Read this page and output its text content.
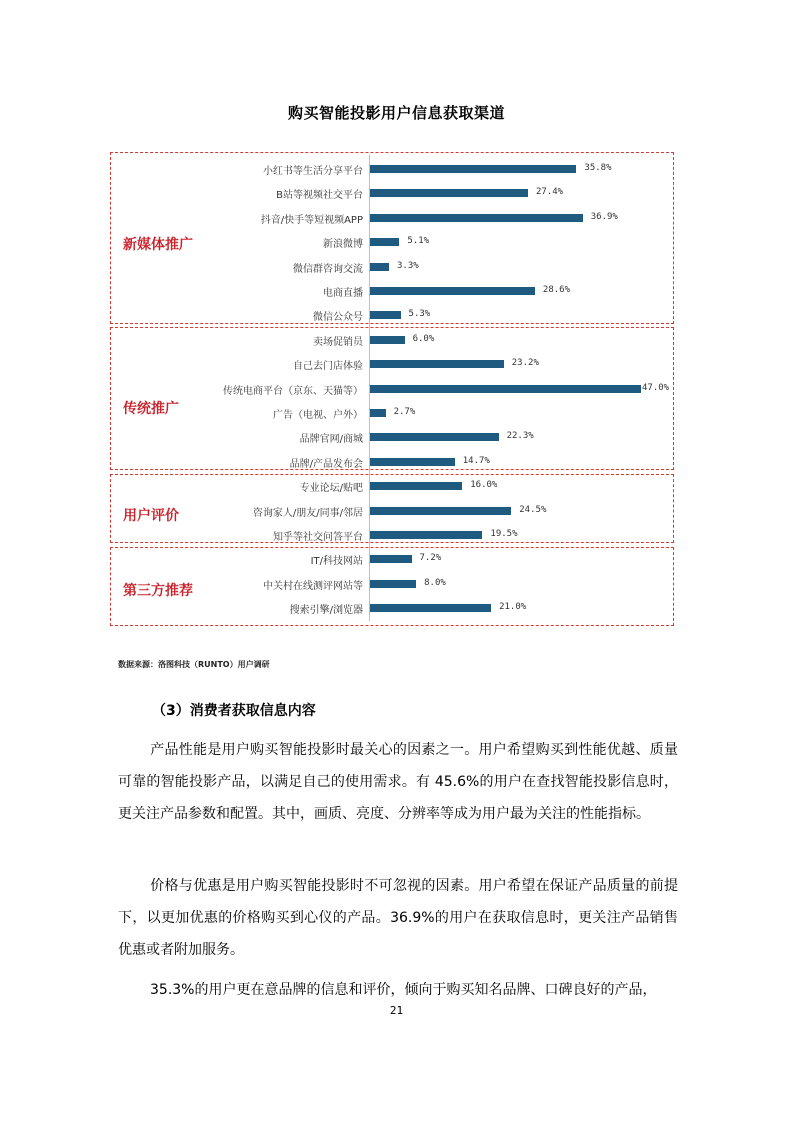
购买智能投影用户信息获取渠道
新媒体推广
小红书等生活分享平台	35.8%
B站等视频社交平台	27.4%
抖音/快手等短视频APP	36.9%
新浪微博	5.1%
微信群咨询交流	3.3%
电商直播	28.6%
微信公众号	5.3%
传统推广
卖场促销员	6.0%
自己去门店体验	23.2%
传统电商平台（京东、天猫等）	47.0%
广告（电视、户外）	2.7%
品牌官网/商城	22.3%
品牌/产品发布会	14.7%
用户评价
专业论坛/贴吧	16.0%
咨询家人/朋友/同事/邻居	24.5%
知乎等社交问答平台	19.5%
第三方推荐
IT/科技网站	7.2%
中关村在线测评网站等	8.0%
搜索引擎/浏览器	21.0%
数据来源：洛图科技（RUNTO）用户调研
（3）消费者获取信息内容

产品性能是用户购买智能投影时最关心的因素之一。用户希望购买到性能优越、质量可靠的智能投影产品，以满足自己的使用需求。有 45.6%的用户在查找智能投影信息时，更关注产品参数和配置。其中，画质、亮度、分辨率等成为用户最为关注的性能指标。

价格与优惠是用户购买智能投影时不可忽视的因素。用户希望在保证产品质量的前提下，以更加优惠的价格购买到心仪的产品。36.9%的用户在获取信息时，更关注产品销售优惠或者附加服务。

35.3%的用户更在意品牌的信息和评价，倾向于购买知名品牌、口碑良好的产品，

21
